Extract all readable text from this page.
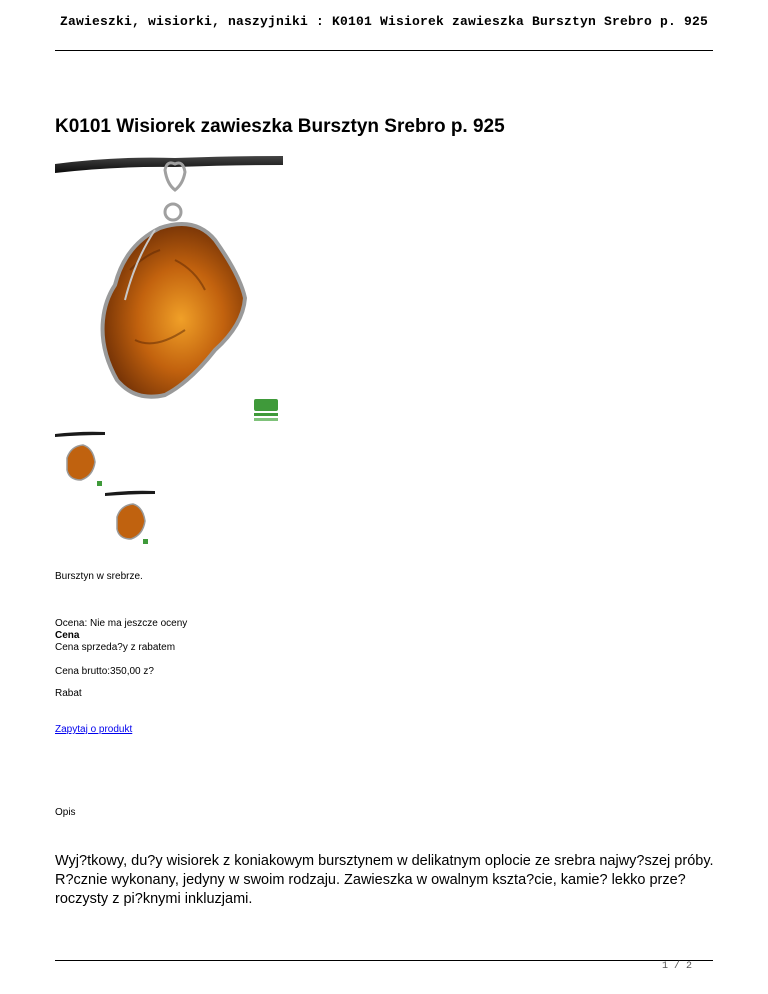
Zawieszki, wisiorki, naszyjniki : K0101 Wisiorek zawieszka Bursztyn Srebro p. 925
K0101 Wisiorek zawieszka Bursztyn Srebro p. 925
Bursztyn w srebrze.
Ocena: Nie ma jeszcze oceny
Cena
Cena sprzeda?y z rabatem
Cena brutto:350,00 z?
Rabat
Zapytaj o produkt
Opis
Wyj?tkowy, du?y wisiorek z koniakowym bursztynem w delikatnym oplocie ze srebra najwy?szej próby. R?cznie wykonany, jedyny w swoim rodzaju. Zawieszka w owalnym kszta?cie, kamie? lekko prze?roczysty z pi?knymi inkluzjami.
1 / 2
